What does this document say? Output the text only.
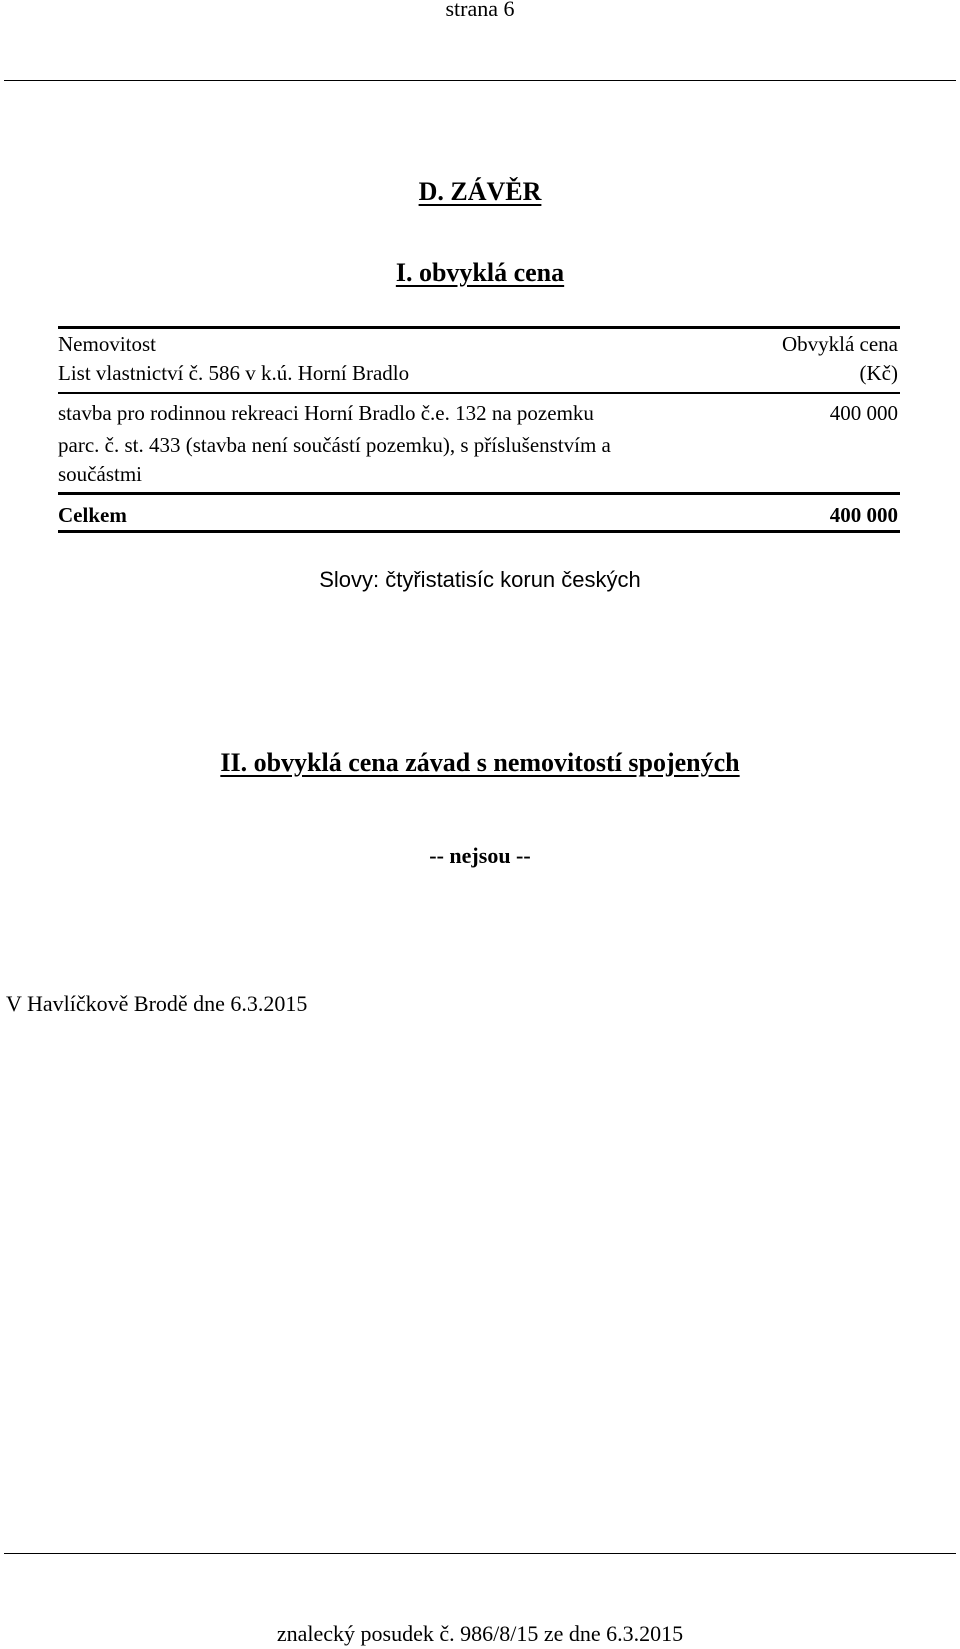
strana 6
D. ZÁVĚR
I. obvyklá cena
Nemovitost
List vlastnictví č. 586 v k.ú. Horní Bradlo
Obvyklá cena
(Kč)
stavba pro rodinnou rekreaci Horní Bradlo č.e. 132 na pozemku
parc. č. st. 433 (stavba není součástí pozemku), s příslušenstvím a
součástmi
400 000
Celkem	400 000
Slovy: čtyřistatisíc korun českých
II. obvyklá cena závad s nemovitostí spojených
-- nejsou --
V Havlíčkově Brodě dne 6.3.2015
znalecký posudek č. 986/8/15 ze dne 6.3.2015
